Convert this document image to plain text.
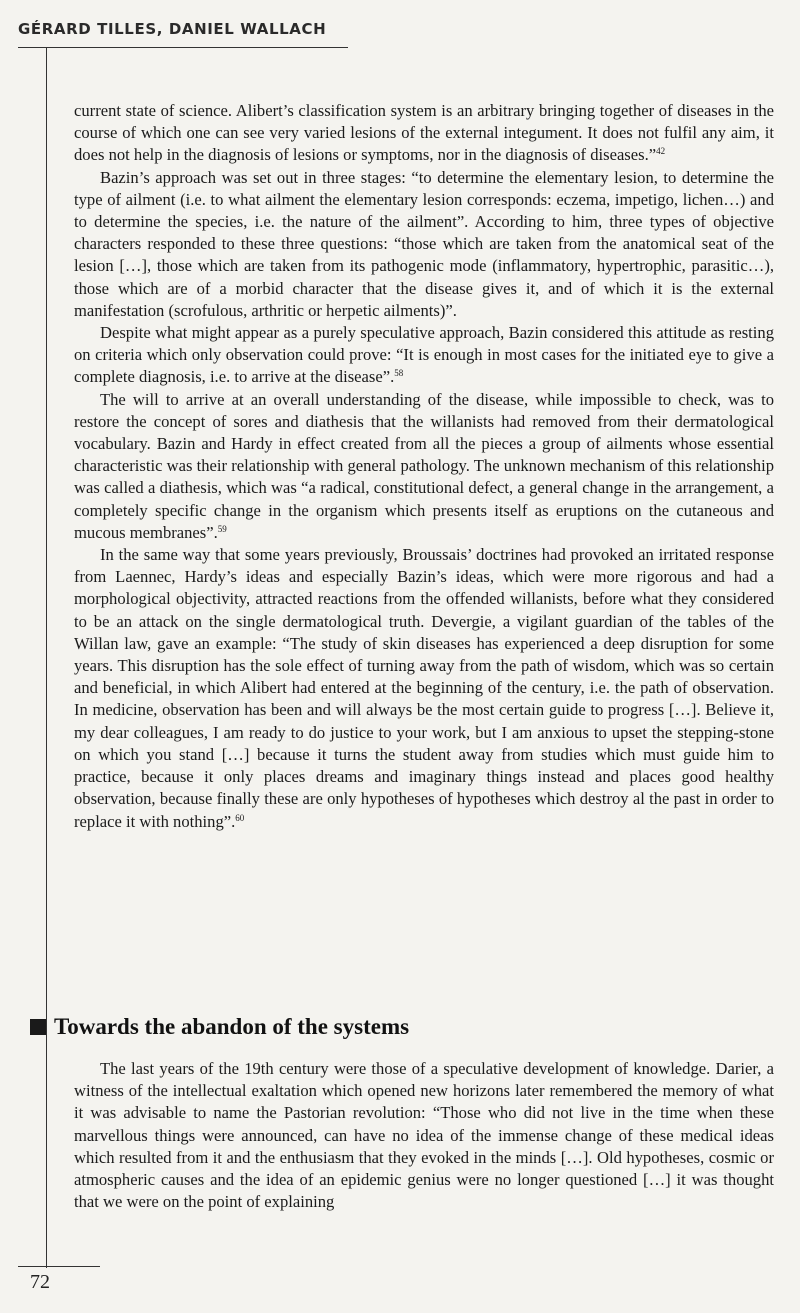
GÉRARD TILLES, DANIEL WALLACH

current state of science. Alibert’s classification system is an arbitrary bringing together of diseases in the course of which one can see very varied lesions of the external integument. It does not fulfil any aim, it does not help in the diagnosis of lesions or symptoms, nor in the diagnosis of diseases.”$^{42}$

Bazin’s approach was set out in three stages: “to determine the elementary lesion, to determine the type of ailment (i.e. to what ailment the elementary lesion corresponds: eczema, impetigo, lichen…) and to determine the species, i.e. the nature of the ailment”. According to him, three types of objective characters responded to these three questions: “those which are taken from the anatomical seat of the lesion […], those which are taken from its pathogenic mode (inflammatory, hypertrophic, parasitic…), those which are of a morbid character that the disease gives it, and of which it is the external manifestation (scrofulous, arthritic or herpetic ailments)”.

Despite what might appear as a purely speculative approach, Bazin considered this attitude as resting on criteria which only observation could prove: “It is enough in most cases for the initiated eye to give a complete diagnosis, i.e. to arrive at the disease”.$^{58}$

The will to arrive at an overall understanding of the disease, while impossible to check, was to restore the concept of sores and diathesis that the willanists had removed from their dermatological vocabulary. Bazin and Hardy in effect created from all the pieces a group of ailments whose essential characteristic was their relationship with general pathology. The unknown mechanism of this relationship was called a diathesis, which was “a radical, constitutional defect, a general change in the arrangement, a completely specific change in the organism which presents itself as eruptions on the cutaneous and mucous membranes”.$^{59}$

In the same way that some years previously, Broussais’ doctrines had provoked an irritated response from Laennec, Hardy’s ideas and especially Bazin’s ideas, which were more rigorous and had a morphological objectivity, attracted reactions from the offended willanists, before what they considered to be an attack on the single dermatological truth. Devergie, a vigilant guardian of the tables of the Willan law, gave an example: “The study of skin diseases has experienced a deep disruption for some years. This disruption has the sole effect of turning away from the path of wisdom, which was so certain and beneficial, in which Alibert had entered at the beginning of the century, i.e. the path of observation. In medicine, observation has been and will always be the most certain guide to progress […]. Believe it, my dear colleagues, I am ready to do justice to your work, but I am anxious to upset the stepping-stone on which you stand […] because it turns the student away from studies which must guide him to practice, because it only places dreams and imaginary things instead and places good healthy observation, because finally these are only hypotheses of hypotheses which destroy al the past in order to replace it with nothing”.$^{60}$

Towards the abandon of the systems

The last years of the 19th century were those of a speculative development of knowledge. Darier, a witness of the intellectual exaltation which opened new horizons later remembered the memory of what it was advisable to name the Pastorian revolution: “Those who did not live in the time when these marvellous things were announced, can have no idea of the immense change of these medical ideas which resulted from it and the enthusiasm that they evoked in the minds […]. Old hypotheses, cosmic or atmospheric causes and the idea of an epidemic genius were no longer questioned […] it was thought that we were on the point of explaining

72
